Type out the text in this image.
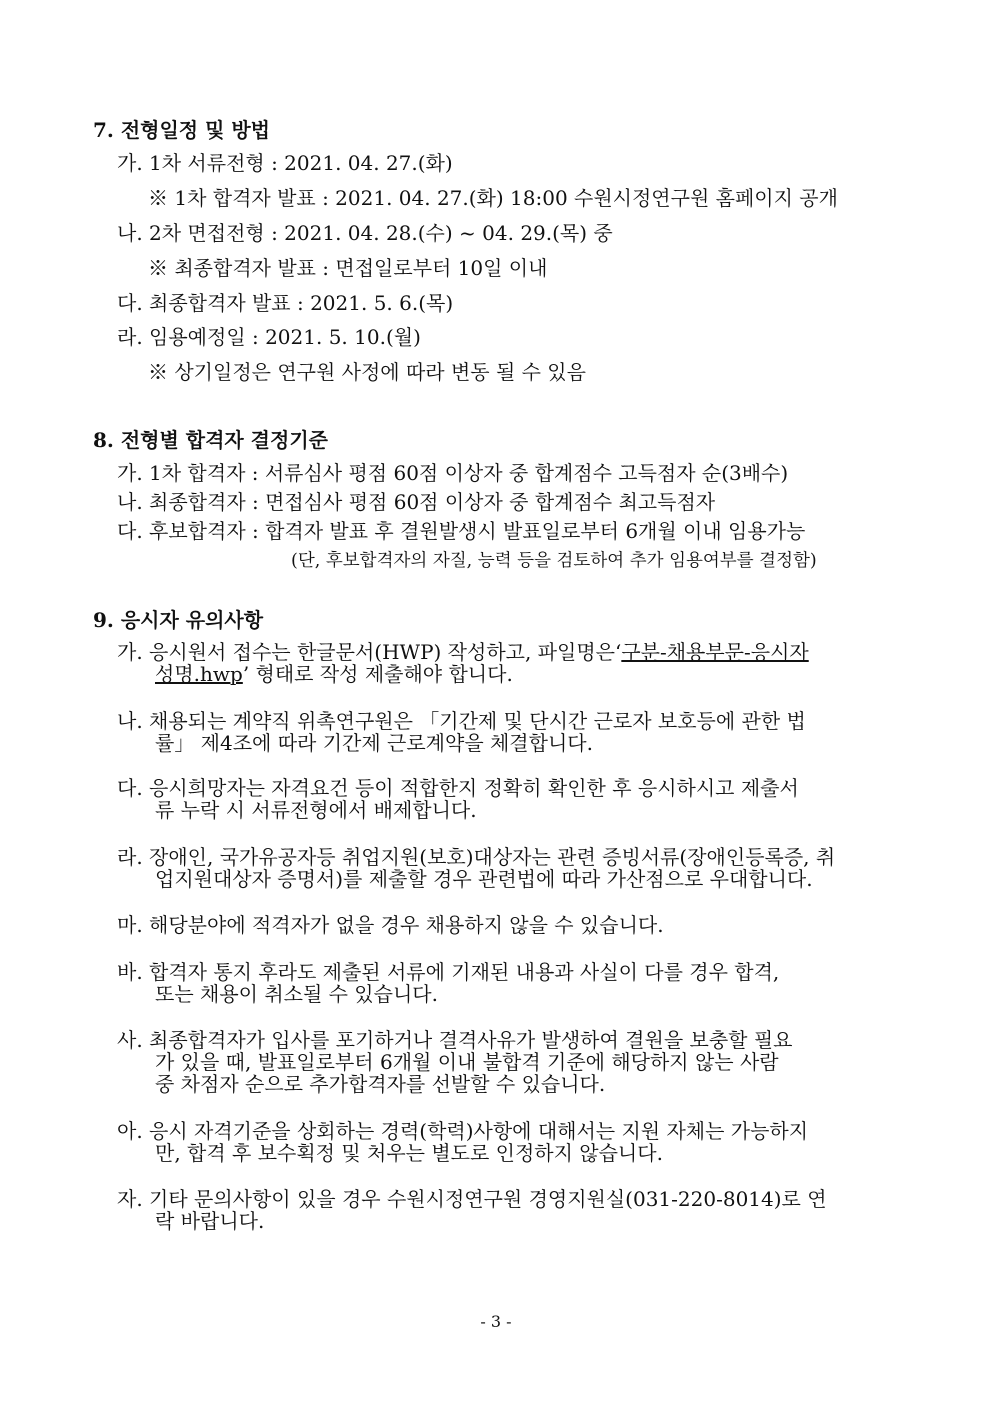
7. 전형일정 및 방법
가. 1차 서류전형 : 2021. 04. 27.(화)
※ 1차 합격자 발표 : 2021. 04. 27.(화) 18:00 수원시정연구원 홈페이지 공개
나. 2차 면접전형 : 2021. 04. 28.(수) ~ 04. 29.(목) 중
※ 최종합격자 발표 : 면접일로부터 10일 이내
다. 최종합격자 발표 : 2021. 5. 6.(목)
라. 임용예정일 : 2021. 5. 10.(월)
※ 상기일정은 연구원 사정에 따라 변동 될 수 있음
8. 전형별 합격자 결정기준
가. 1차 합격자 : 서류심사 평점 60점 이상자 중 합계점수 고득점자 순(3배수)
나. 최종합격자 : 면접심사 평점 60점 이상자 중 합계점수 최고득점자
다. 후보합격자 : 합격자 발표 후 결원발생시 발표일로부터 6개월 이내 임용가능
(단, 후보합격자의 자질, 능력 등을 검토하여 추가 임용여부를 결정함)
9. 응시자 유의사항
가. 응시원서 접수는 한글문서(HWP) 작성하고, 파일명은‘구분-채용부문-응시자
성명.hwp’ 형태로 작성 제출해야 합니다.
나. 채용되는 계약직 위촉연구원은 「기간제 및 단시간 근로자 보호등에 관한 법
률」 제4조에 따라 기간제 근로계약을 체결합니다.
다. 응시희망자는 자격요건 등이 적합한지 정확히 확인한 후 응시하시고 제출서
류 누락 시 서류전형에서 배제합니다.
라. 장애인, 국가유공자등 취업지원(보호)대상자는 관련 증빙서류(장애인등록증, 취
업지원대상자 증명서)를 제출할 경우 관련법에 따라 가산점으로 우대합니다.
마. 해당분야에 적격자가 없을 경우 채용하지 않을 수 있습니다.
바. 합격자 통지 후라도 제출된 서류에 기재된 내용과 사실이 다를 경우 합격,
또는 채용이 취소될 수 있습니다.
사. 최종합격자가 입사를 포기하거나 결격사유가 발생하여 결원을 보충할 필요
가 있을 때, 발표일로부터 6개월 이내 불합격 기준에 해당하지 않는 사람
중 차점자 순으로 추가합격자를 선발할 수 있습니다.
아. 응시 자격기준을 상회하는 경력(학력)사항에 대해서는 지원 자체는 가능하지
만, 합격 후 보수획정 및 처우는 별도로 인정하지 않습니다.
자. 기타 문의사항이 있을 경우 수원시정연구원 경영지원실(031-220-8014)로 연
락 바랍니다.
- 3 -
